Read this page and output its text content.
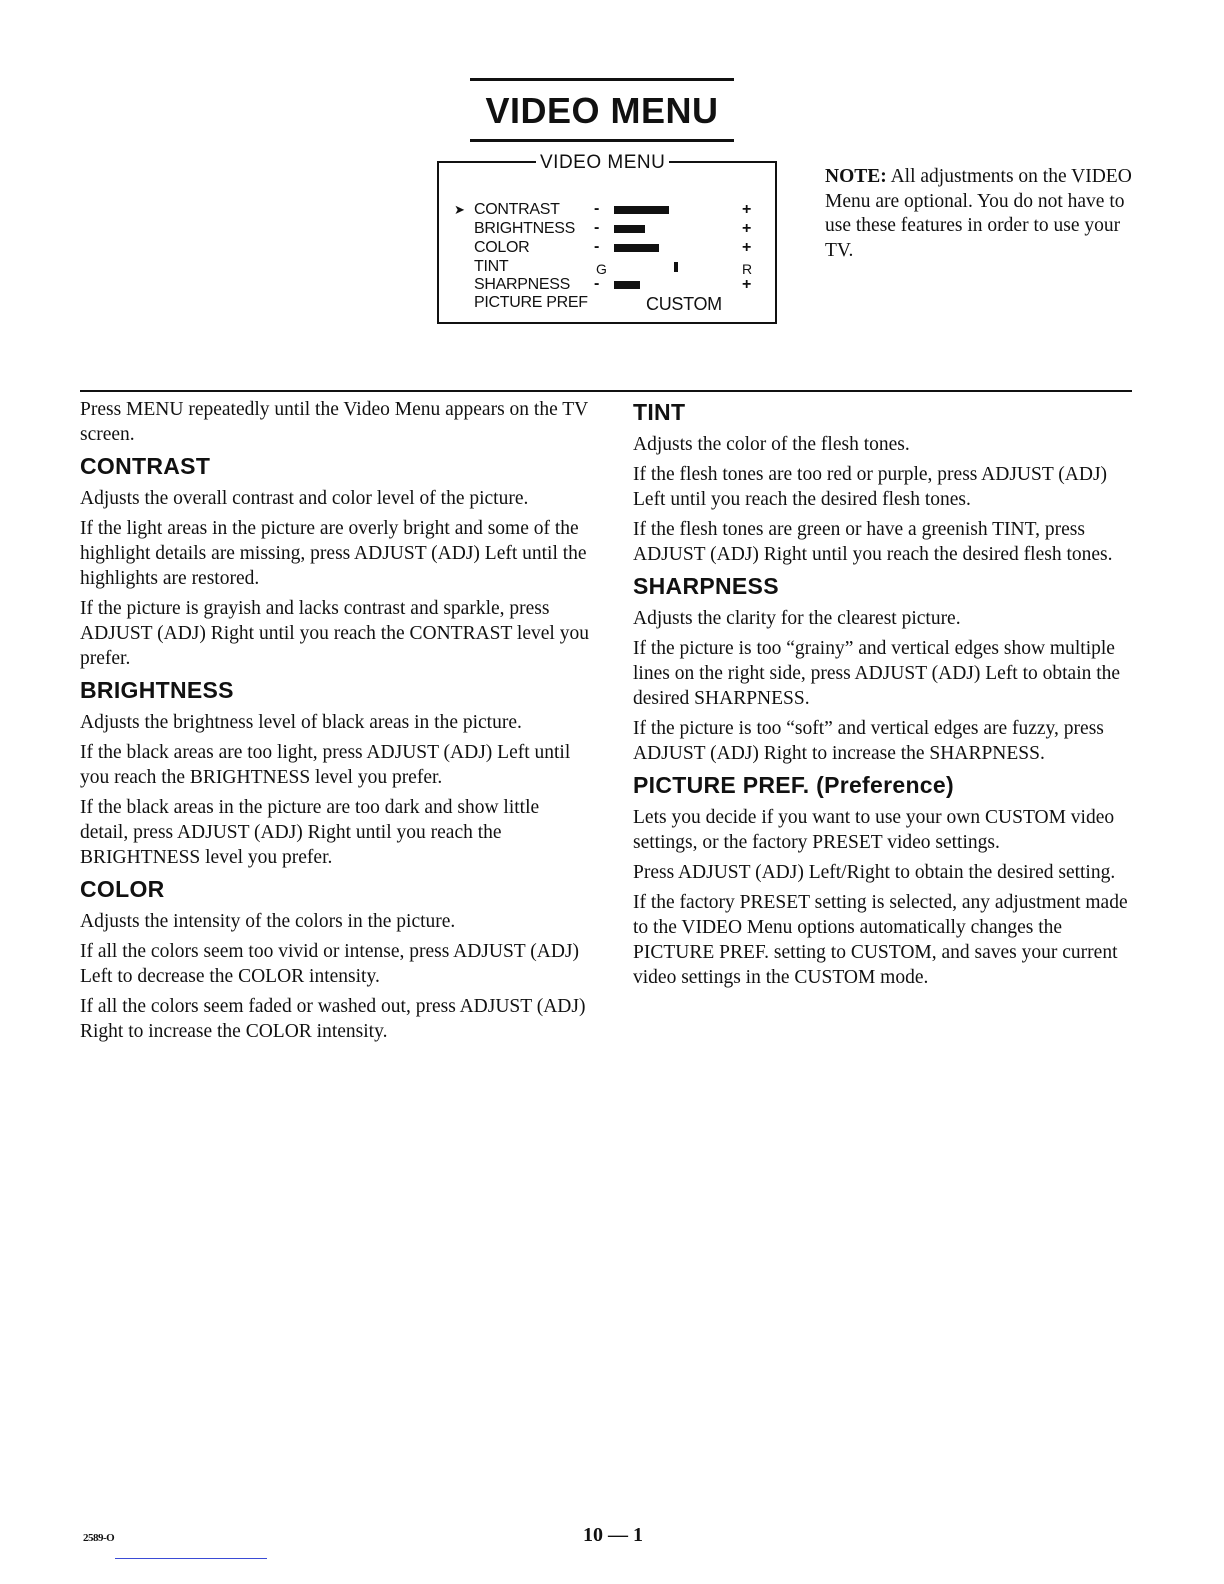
VIDEO MENU
VIDEO MENU
➤ CONTRAST -	+
BRIGHTNESS -	+
COLOR	-	+
TINT	G	R
SHARPNESS -	+
PICTURE PREF	CUSTOM
NOTE: All adjustments on the VIDEO Menu are optional. You do not have to use these features in order to use your TV.

Press MENU repeatedly until the Video Menu appears on the TV screen.

CONTRAST

Adjusts the overall contrast and color level of the picture.

If the light areas in the picture are overly bright and some of the highlight details are missing, press ADJUST (ADJ) Left until the highlights are restored.

If the picture is grayish and lacks contrast and sparkle, press ADJUST (ADJ) Right until you reach the CONTRAST level you prefer.

BRIGHTNESS

Adjusts the brightness level of black areas in the picture.

If the black areas are too light, press ADJUST (ADJ) Left until you reach the BRIGHTNESS level you prefer.

If the black areas in the picture are too dark and show little detail, press ADJUST (ADJ) Right until you reach the BRIGHTNESS level you prefer.

COLOR

Adjusts the intensity of the colors in the picture.

If all the colors seem too vivid or intense, press ADJUST (ADJ) Left to decrease the COLOR intensity.

If all the colors seem faded or washed out, press ADJUST (ADJ) Right to increase the COLOR intensity.

TINT

Adjusts the color of the flesh tones.

If the flesh tones are too red or purple, press ADJUST (ADJ) Left until you reach the desired flesh tones.

If the flesh tones are green or have a greenish TINT, press ADJUST (ADJ) Right until you reach the desired flesh tones.

SHARPNESS

Adjusts the clarity for the clearest picture.

If the picture is too “grainy” and vertical edges show multiple lines on the right side, press ADJUST (ADJ) Left to obtain the desired SHARPNESS.

If the picture is too “soft” and vertical edges are fuzzy, press ADJUST (ADJ) Right to increase the SHARPNESS.

PICTURE PREF. (Preference)

Lets you decide if you want to use your own CUSTOM video settings, or the factory PRESET video settings.

Press ADJUST (ADJ) Left/Right to obtain the desired setting.

If the factory PRESET setting is selected, any adjustment made to the VIDEO Menu options automatically changes the PICTURE PREF. setting to CUSTOM, and saves your current video settings in the CUSTOM mode.

2589-O	10 — 1
